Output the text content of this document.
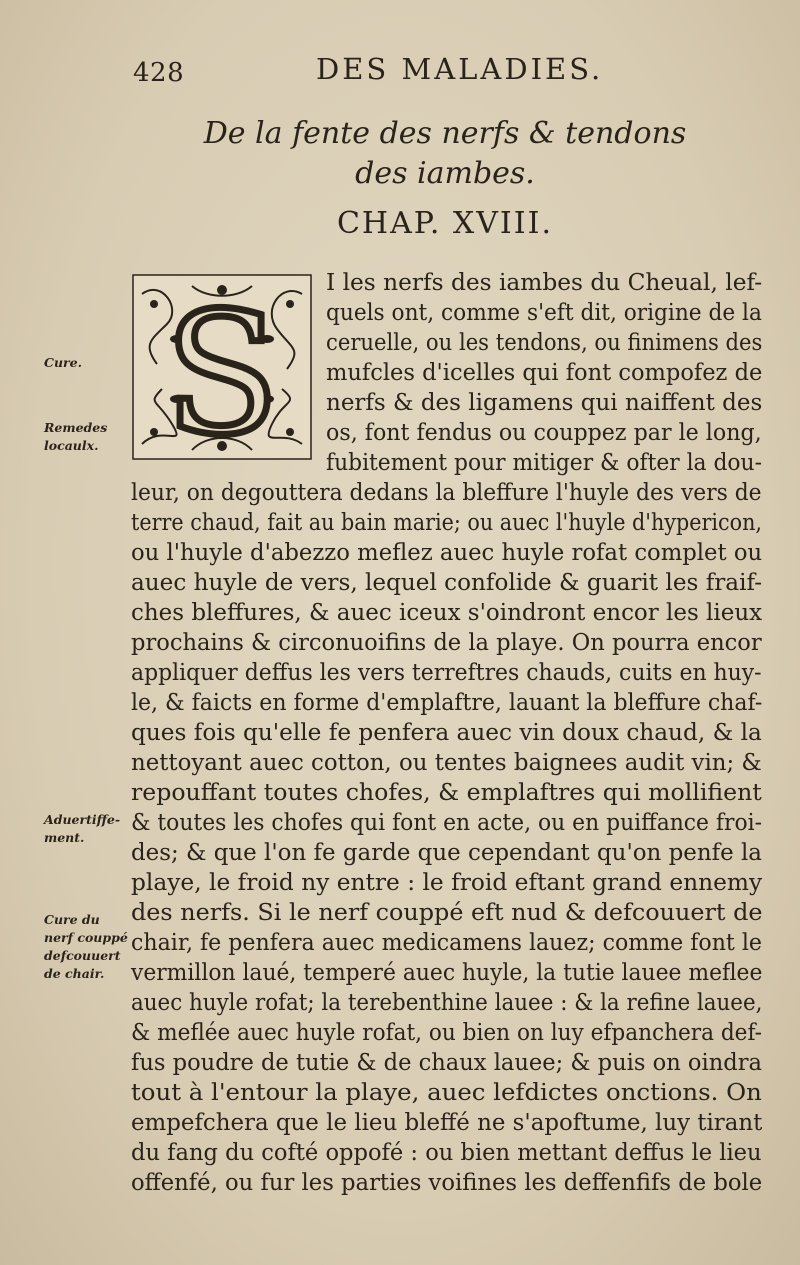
428	DES MALADIES.
De la fente des nerfs & tendons
des iambes.
CHAP. XVIII.
S
Cure.
Remedes
locaulx.
Aduertiffe-
ment.
Cure du
nerf couppé
defcouuert
de chair.
I les nerfs des iambes du Cheual, lef-
quels ont, comme s'eft dit, origine de la
ceruelle, ou les tendons, ou finimens des
mufcles d'icelles qui font compofez de
nerfs & des ligamens qui naiffent des
os, font fendus ou couppez par le long,
fubitement pour mitiger & ofter la dou-
leur, on degouttera dedans la bleffure l'huyle des vers de
terre chaud, fait au bain marie; ou auec l'huyle d'hypericon,
ou l'huyle d'abezzo meflez auec huyle rofat complet ou
auec huyle de vers, lequel confolide & guarit les fraif-
ches bleffures, & auec iceux s'oindront encor les lieux
prochains & circonuoifins de la playe. On pourra encor
appliquer deffus les vers terreftres chauds, cuits en huy-
le, & faicts en forme d'emplaftre, lauant la bleffure chaf-
ques fois qu'elle fe penfera auec vin doux chaud, & la
nettoyant auec cotton, ou tentes baignees audit vin; &
repouffant toutes chofes, & emplaftres qui mollifient
& toutes les chofes qui font en acte, ou en puiffance froi-
des; & que l'on fe garde que cependant qu'on penfe la
playe, le froid ny entre : le froid eftant grand ennemy
des nerfs. Si le nerf couppé eft nud & defcouuert de
chair, fe penfera auec medicamens lauez; comme font le
vermillon laué, temperé auec huyle, la tutie lauee meflee
auec huyle rofat; la terebenthine lauee : & la refine lauee,
& meflée auec huyle rofat, ou bien on luy efpanchera def-
fus poudre de tutie & de chaux lauee; & puis on oindra
tout à l'entour la playe, auec lefdictes onctions. On
empefchera que le lieu bleffé ne s'apoftume, luy tirant
du fang du cofté oppofé : ou bien mettant deffus le lieu
offenfé, ou fur les parties voifines les deffenfifs de bole
